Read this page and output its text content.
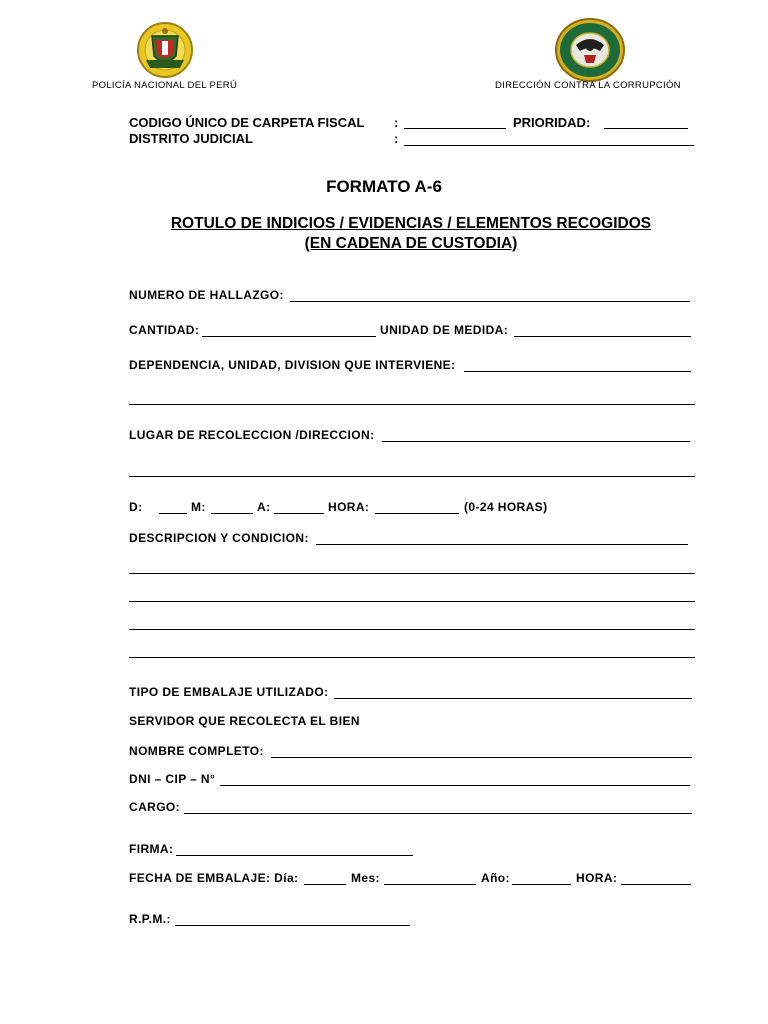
POLICÍA NACIONAL DEL PERÚ	DIRECCIÓN CONTRA LA CORRUPCIÓN
CODIGO ÚNICO DE CARPETA FISCAL :	PRIORIDAD:
DISTRITO JUDICIAL	:
FORMATO A-6
ROTULO DE INDICIOS / EVIDENCIAS / ELEMENTOS RECOGIDOS
(EN CADENA DE CUSTODIA)
NUMERO DE HALLAZGO:
CANTIDAD:	UNIDAD DE MEDIDA:
DEPENDENCIA, UNIDAD, DIVISION QUE INTERVIENE:
LUGAR DE RECOLECCION /DIRECCION:
D:	M:	A:	HORA:	(0-24 HORAS)
DESCRIPCION Y CONDICION:
TIPO DE EMBALAJE UTILIZADO:
SERVIDOR QUE RECOLECTA EL BIEN
NOMBRE COMPLETO:
DNI – CIP – N°
CARGO:
FIRMA:
FECHA DE EMBALAJE: Día:	Mes:	Año:	HORA:
R.P.M.:
